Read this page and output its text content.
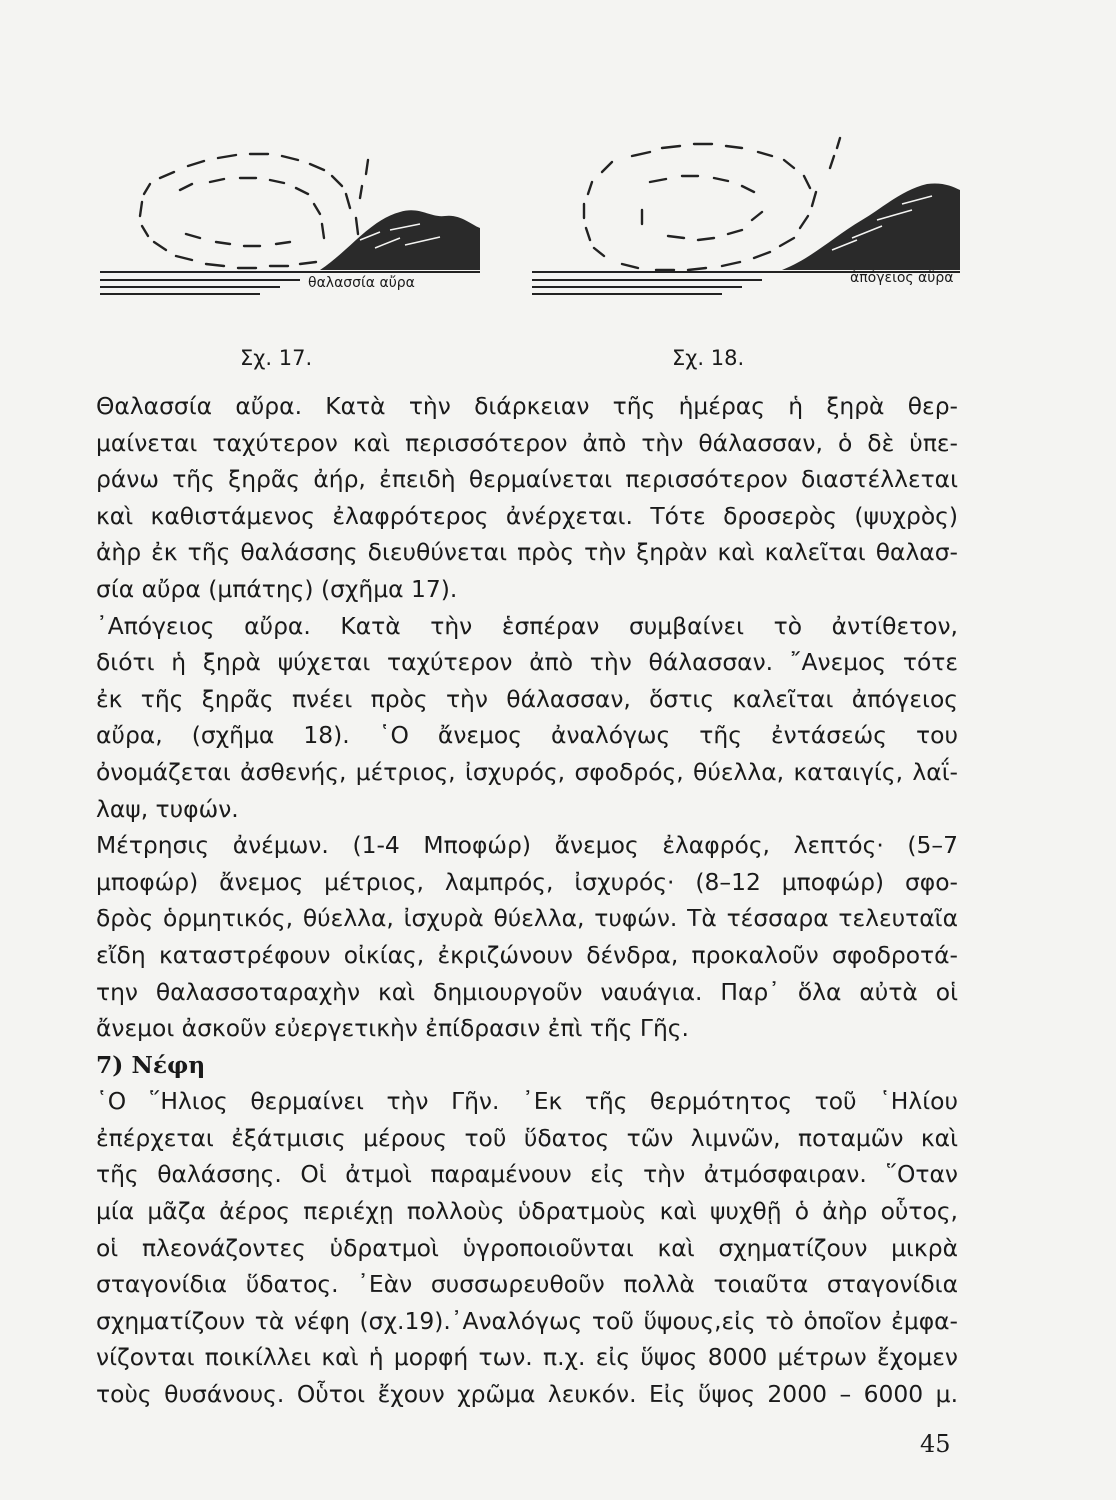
θαλασσία αὔρα
Σχ. 17.
ἀπόγειος αὔρα
Σχ. 18.
Θαλασσία αὔρα. Κατὰ τὴν διάρκειαν τῆς ἡμέρας ἡ ξηρὰ θερ-
μαίνεται ταχύτερον καὶ περισσότερον ἀπὸ τὴν θάλασσαν, ὁ δὲ ὑπε-
ράνω τῆς ξηρᾶς ἀήρ, ἐπειδὴ θερμαίνεται περισσότερον διαστέλλεται
καὶ καθιστάμενος ἐλαφρότερος ἀνέρχεται. Τότε δροσερὸς (ψυχρὸς)
ἀὴρ ἐκ τῆς θαλάσσης διευθύνεται πρὸς τὴν ξηρὰν καὶ καλεῖται θαλασ-
σία αὔρα (μπάτης) (σχῆμα 17).
᾿Απόγειος αὔρα. Κατὰ τὴν ἑσπέραν συμβαίνει τὸ ἀντίθετον,
διότι ἡ ξηρὰ ψύχεται ταχύτερον ἀπὸ τὴν θάλασσαν. ῎Ανεμος τότε
ἐκ τῆς ξηρᾶς πνέει πρὸς τὴν θάλασσαν, ὅστις καλεῖται ἀπόγειος
αὔρα, (σχῆμα 18). ῾Ο ἄνεμος ἀναλόγως τῆς ἐντάσεώς του
ὀνομάζεται ἀσθενής, μέτριος, ἰσχυρός, σφοδρός, θύελλα, καταιγίς, λαΐ-
λαψ, τυφών.
Μέτρησις ἀνέμων. (1-4 Μποφώρ) ἄνεμος ἐλαφρός, λεπτός· (5–7
μποφώρ) ἄνεμος μέτριος, λαμπρός, ἰσχυρός· (8–12 μποφώρ) σφο-
δρὸς ὁρμητικός, θύελλα, ἰσχυρὰ θύελλα, τυφών. Τὰ τέσσαρα τελευταῖα
εἴδη καταστρέφουν οἰκίας, ἐκριζώνουν δένδρα, προκαλοῦν σφοδροτά-
την θαλασσοταραχὴν καὶ δημιουργοῦν ναυάγια. Παρ᾿ ὅλα αὐτὰ οἱ
ἄνεμοι ἀσκοῦν εὐεργετικὴν ἐπίδρασιν ἐπὶ τῆς Γῆς.
7) Νέφη
῾Ο ῞Ηλιος θερμαίνει τὴν Γῆν. ᾿Εκ τῆς θερμότητος τοῦ ῾Ηλίου
ἐπέρχεται ἐξάτμισις μέρους τοῦ ὕδατος τῶν λιμνῶν, ποταμῶν καὶ
τῆς θαλάσσης. Οἱ ἀτμοὶ παραμένουν εἰς τὴν ἀτμόσφαιραν. ῞Οταν
μία μᾶζα ἀέρος περιέχῃ πολλοὺς ὑδρατμοὺς καὶ ψυχθῇ ὁ ἀὴρ οὗτος,
οἱ πλεονάζοντες ὑδρατμοὶ ὑγροποιοῦνται καὶ σχηματίζουν μικρὰ
σταγονίδια ὕδατος. ᾿Εὰν συσσωρευθοῦν πολλὰ τοιαῦτα σταγονίδια
σχηματίζουν τὰ νέφη (σχ.19).᾿Αναλόγως τοῦ ὕψους,εἰς τὸ ὁποῖον ἐμφα-
νίζονται ποικίλλει καὶ ἡ μορφή των. π.χ. εἰς ὕψος 8000 μέτρων ἔχομεν
τοὺς θυσάνους. Οὗτοι ἔχουν χρῶμα λευκόν. Εἰς ὕψος 2000 – 6000 μ.
45
